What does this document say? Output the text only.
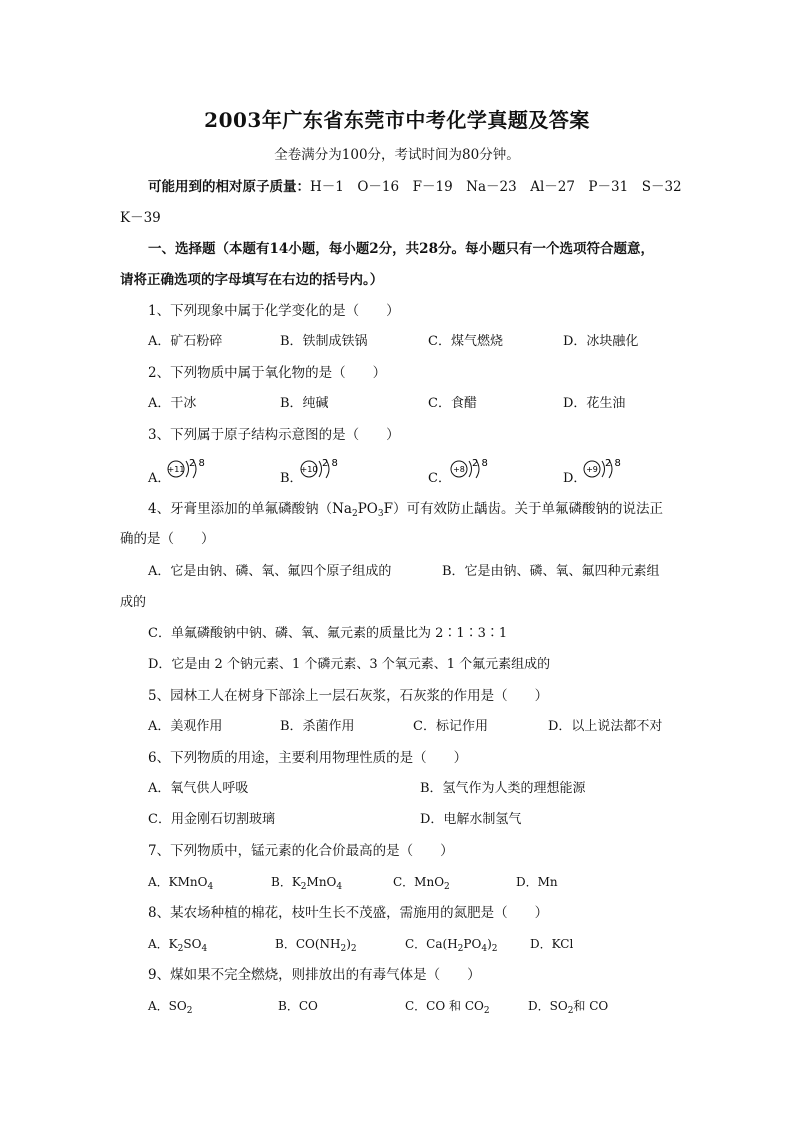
2003年广东省东莞市中考化学真题及答案
全卷满分为100分，考试时间为80分钟。
可能用到的相对原子质量：H－1　O－16　F－19　Na－23　Al－27　P－31　S－32
K－39
一、选择题（本题有14小题，每小题2分，共28分。每小题只有一个选项符合题意，
请将正确选项的字母填写在右边的括号内。）
1、下列现象中属于化学变化的是（　　）
A．矿石粉碎	B．铁制成铁锅	C．煤气燃烧	D．冰块融化
2、下列物质中属于氧化物的是（　　）
A．干冰	B．纯碱	C．食醋	D．花生油
3、下列属于原子结构示意图的是（　　）
A．
+11
2 8
B．
+10
2 8
C．
+8
2 8
D．
+9
2 8
4、牙膏里添加的单氟磷酸钠$(Na_2PO_3F)$可有效防止龋齿。关于单氟磷酸钠的说法正
确的是（　　）
A．它是由钠、磷、氧、氟四个原子组成的	B．它是由钠、磷、氧、氟四种元素组
成的
C．单氟磷酸钠中钠、磷、氧、氟元素的质量比为 2∶1∶3∶1
D．它是由 2 个钠元素、1 个磷元素、3 个氧元素、1 个氟元素组成的
5、园林工人在树身下部涂上一层石灰浆，石灰浆的作用是（　　）
A．美观作用	B．杀菌作用	C．标记作用	D．以上说法都不对
6、下列物质的用途，主要利用物理性质的是（　　）
A．氧气供人呼吸	B．氢气作为人类的理想能源
C．用金刚石切割玻璃	D．电解水制氢气
7、下列物质中，锰元素的化合价最高的是（　　）
A．KMnO$_4$	B．$K_2MnO_4$	C．MnO$_2$	D．Mn
8、某农场种植的棉花，枝叶生长不茂盛，需施用的氮肥是（　　）
A．$K_2SO_4$	B．$CO(NH_2)_2$	C．$Ca(H_2PO_4)_2$	D．KCl
9、煤如果不完全燃烧，则排放出的有毒气体是（　　）
A．$SO_2$	B．CO	C．CO 和 $CO_2$	D．$SO_2$和 CO
